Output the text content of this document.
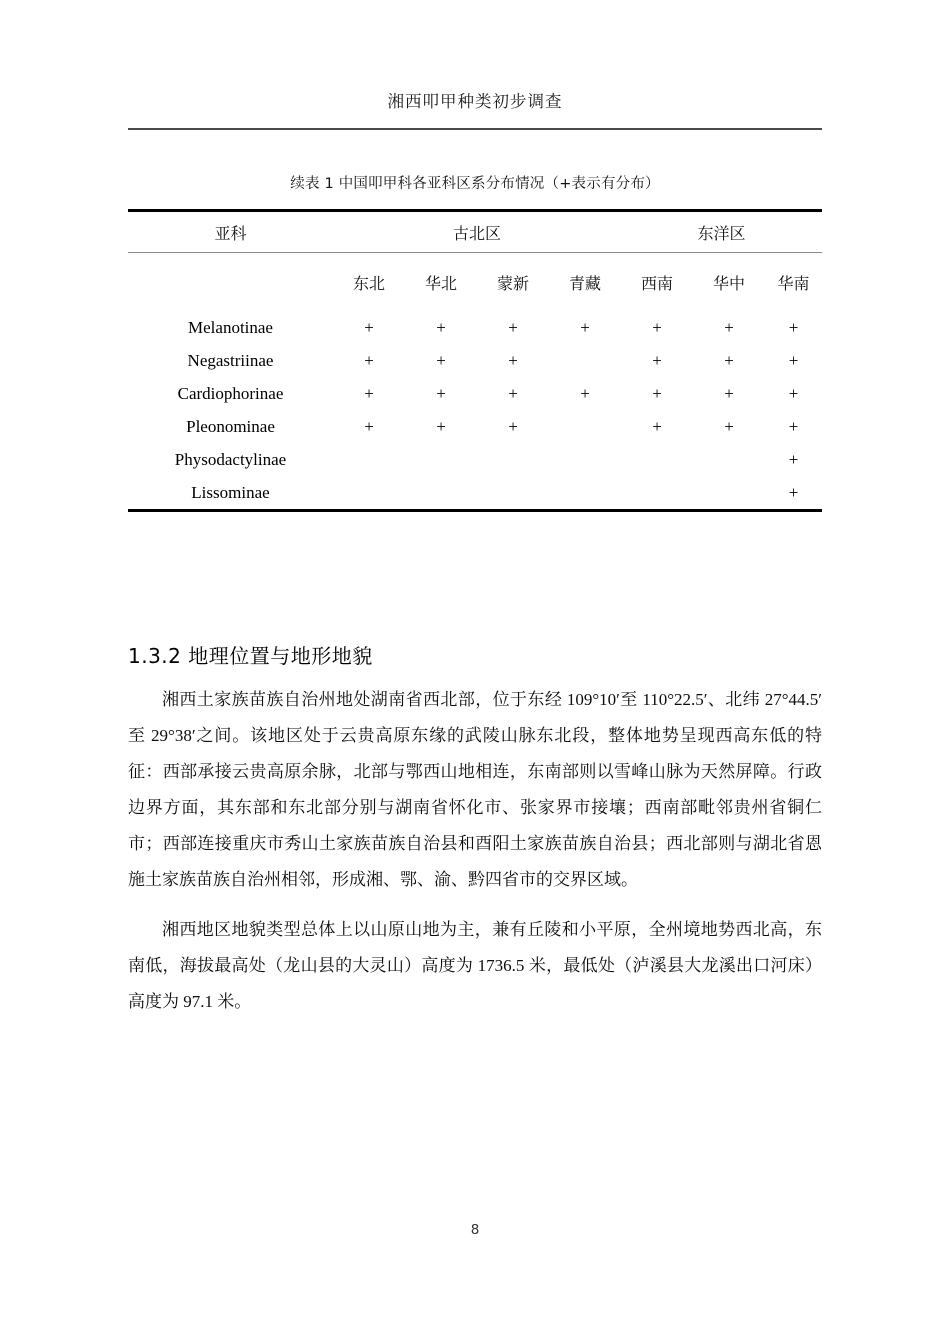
湘西叩甲种类初步调查
续表 1 中国叩甲科各亚科区系分布情况（+表示有分布）
亚科	古北区				东洋区		
	东北	华北	蒙新	青藏	西南	华中	华南
Melanotinae	+	+	+	+	+	+	+
Negastriinae	+	+	+		+	+	+
Cardiophorinae	+	+	+	+	+	+	+
Pleonominae	+	+	+		+	+	+
Physodactylinae							+
Lissominae							+

1.3.2 地理位置与地形地貌

湘西土家族苗族自治州地处湖南省西北部，位于东经 109°10′至 110°22.5′、北纬 27°44.5′至 29°38′之间。该地区处于云贵高原东缘的武陵山脉东北段，整体地势呈现西高东低的特征：西部承接云贵高原余脉，北部与鄂西山地相连，东南部则以雪峰山脉为天然屏障。行政边界方面，其东部和东北部分别与湖南省怀化市、张家界市接壤；西南部毗邻贵州省铜仁市；西部连接重庆市秀山土家族苗族自治县和酉阳土家族苗族自治县；西北部则与湖北省恩施土家族苗族自治州相邻，形成湘、鄂、渝、黔四省市的交界区域。

湘西地区地貌类型总体上以山原山地为主，兼有丘陵和小平原，全州境地势西北高，东南低，海拔最高处（龙山县的大灵山）高度为 1736.5 米，最低处（泸溪县大龙溪出口河床）高度为 97.1 米。

8
